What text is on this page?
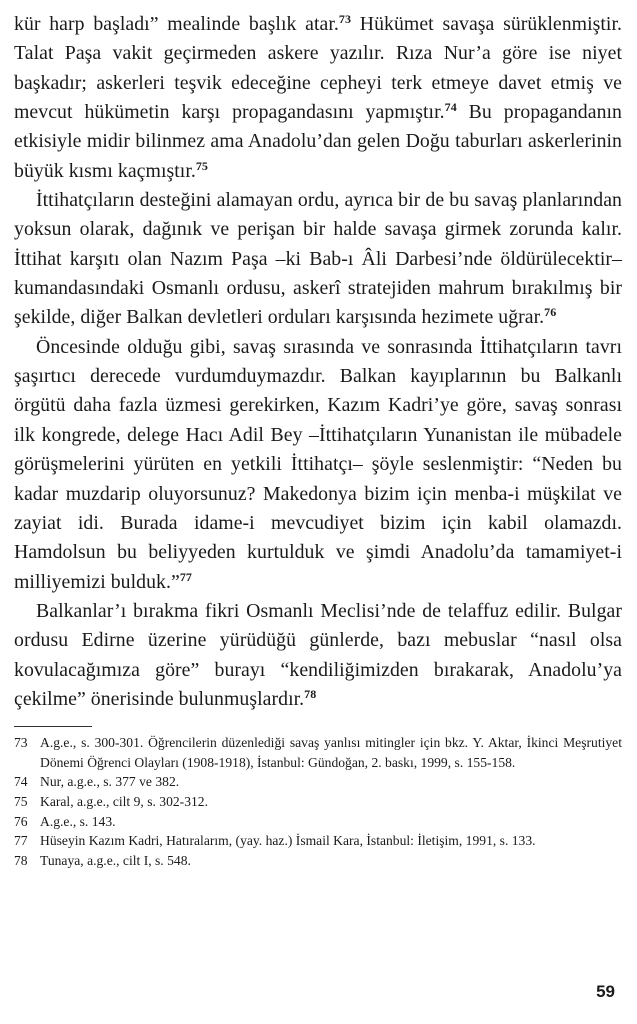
kür harp başladı” mealinde başlık atar.$^{73}$ Hükümet savaşa sürüklenmiştir. Talat Paşa vakit geçirmeden askere yazılır. Rıza Nur’a göre ise niyet başkadır; askerleri teşvik edeceğine cepheyi terk etmeye davet etmiş ve mevcut hükümetin karşı propagandasını yapmıştır.$^{74}$ Bu propagandanın etkisiyle midir bilinmez ama Anadolu’dan gelen Doğu taburları askerlerinin büyük kısmı kaçmıştır.$^{75}$

İttihatçıların desteğini alamayan ordu, ayrıca bir de bu savaş planlarından yoksun olarak, dağınık ve perişan bir halde savaşa girmek zorunda kalır. İttihat karşıtı olan Nazım Paşa –ki Bab-ı Âli Darbesi’nde öldürülecektir– kumandasındaki Osmanlı ordusu, askerî stratejiden mahrum bırakılmış bir şekilde, diğer Balkan devletleri orduları karşısında hezimete uğrar.$^{76}$

Öncesinde olduğu gibi, savaş sırasında ve sonrasında İttihatçıların tavrı şaşırtıcı derecede vurdumduymazdır. Balkan kayıplarının bu Balkanlı örgütü daha fazla üzmesi gerekirken, Kazım Kadri’ye göre, savaş sonrası ilk kongrede, delege Hacı Adil Bey –İttihatçıların Yunanistan ile mübadele görüşmelerini yürüten en yetkili İttihatçı– şöyle seslenmiştir: “Neden bu kadar muzdarip oluyorsunuz? Makedonya bizim için menba-i müşkilat ve zayiat idi. Burada idame-i mevcudiyet bizim için kabil olamazdı. Hamdolsun bu beliyyeden kurtulduk ve şimdi Anadolu’da tamamiyet-i milliyemizi bulduk.”$^{77}$

Balkanlar’ı bırakma fikri Osmanlı Meclisi’nde de telaffuz edilir. Bulgar ordusu Edirne üzerine yürüdüğü günlerde, bazı mebuslar “nasıl olsa kovulacağımıza göre” burayı “kendiliğimizden bırakarak, Anadolu’ya çekilme” önerisinde bulunmuşlardır.$^{78}$

73 A.g.e., s. 300-301. Öğrencilerin düzenlediği savaş yanlısı mitingler için bkz. Y. Aktar, İkinci Meşrutiyet Dönemi Öğrenci Olayları (1908-1918), İstanbul: Gündoğan, 2. baskı, 1999, s. 155-158.
74 Nur, a.g.e., s. 377 ve 382.
75 Karal, a.g.e., cilt 9, s. 302-312.
76 A.g.e., s. 143.
77 Hüseyin Kazım Kadri, Hatıralarım, (yay. haz.) İsmail Kara, İstanbul: İletişim, 1991, s. 133.
78 Tunaya, a.g.e., cilt I, s. 548.
59
